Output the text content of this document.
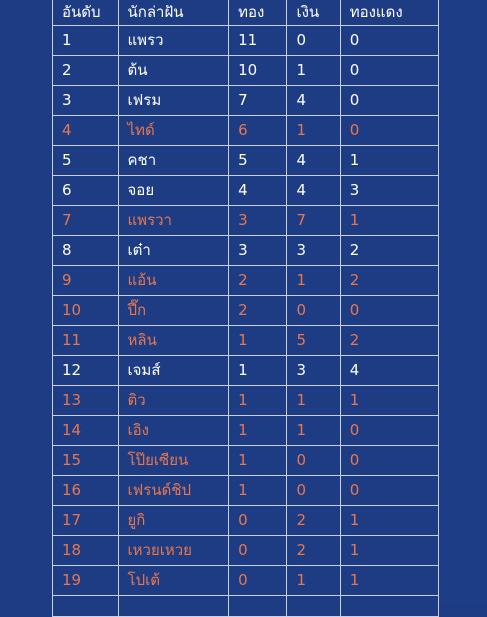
อันดับ	นักล่าฝัน	ทอง	เงิน	ทองแดง
1	แพรว	11	0	0
2	ต้น	10	1	0
3	เฟรม	7	4	0
4	ไทด์	6	1	0
5	คชา	5	4	1
6	จอย	4	4	3
7	แพรวา	3	7	1
8	เต๋า	3	3	2
9	แอ้น	2	1	2
10	ปึ๊ก	2	0	0
11	หลิน	1	5	2
12	เจมส์	1	3	4
13	ติว	1	1	1
14	เอิง	1	1	0
15	โป๊ยเซียน	1	0	0
16	เฟรนด์ชิป	1	0	0
17	ยูกิ	0	2	1
18	เหวยเหวย	0	2	1
19	โปเต้	0	1	1
